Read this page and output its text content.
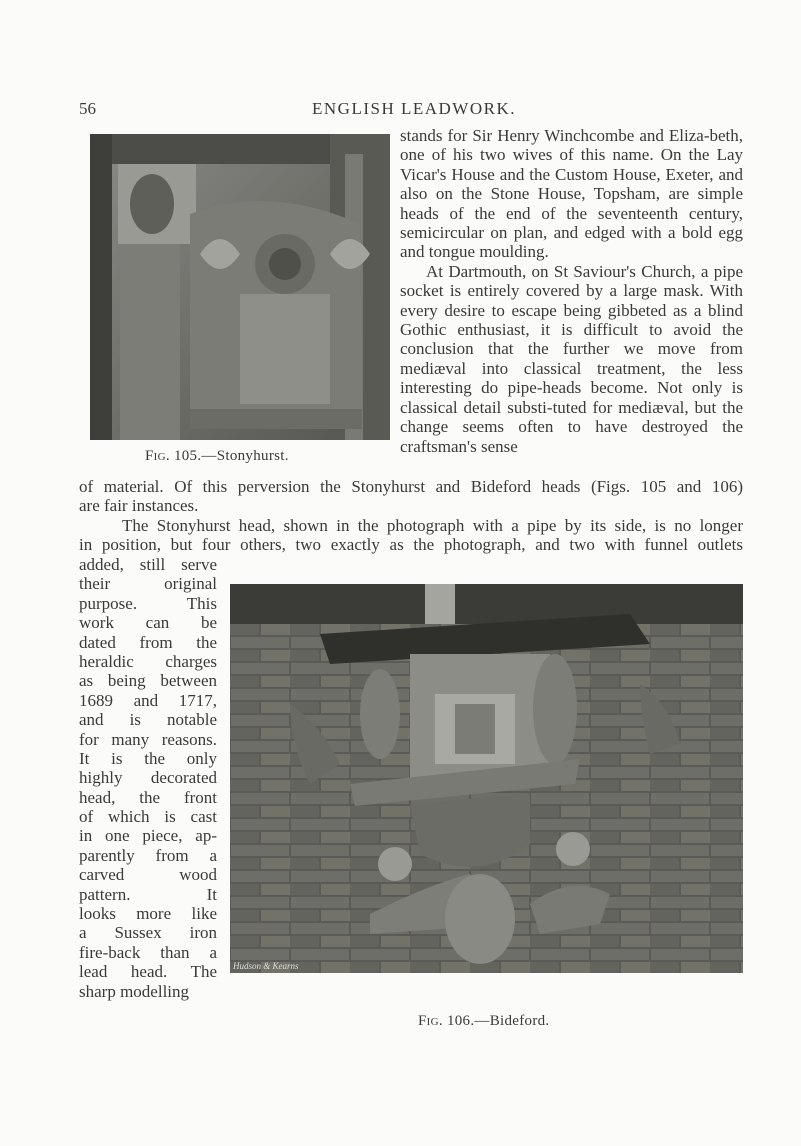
56	ENGLISH LEADWORK.
Fig. 105.—Stonyhurst.

stands for Sir Henry Winchcombe and Eliza-beth, one of his two wives of this name. On the Lay Vicar's House and the Custom House, Exeter, and also on the Stone House, Topsham, are simple heads of the end of the seventeenth century, semicircular on plan, and edged with a bold egg and tongue moulding.

At Dartmouth, on St Saviour's Church, a pipe socket is entirely covered by a large mask. With every desire to escape being gibbeted as a blind Gothic enthusiast, it is difficult to avoid the conclusion that the further we move from mediæval into classical treatment, the less interesting do pipe-heads become. Not only is classical detail substi-tuted for mediæval, but the change seems often to have destroyed the craftsman's sense

of material. Of this perversion the Stonyhurst and Bideford heads (Figs. 105 and 106)
are fair instances.
The Stonyhurst head, shown in the photograph with a pipe by its side, is no longer
in position, but four others, two exactly as the photograph, and two with funnel outlets
added, still serve
their original
purpose. This
work can be
dated from the
heraldic charges
as being between
1689 and 1717,
and is notable
for many reasons.
It is the only
highly decorated
head, the front
of which is cast
in one piece, ap-
parently from a
carved wood
pattern. It
looks more like
a Sussex iron
fire-back than a
lead head. The
sharp modelling
Hudson & Kearns
Fig. 106.—Bideford.
